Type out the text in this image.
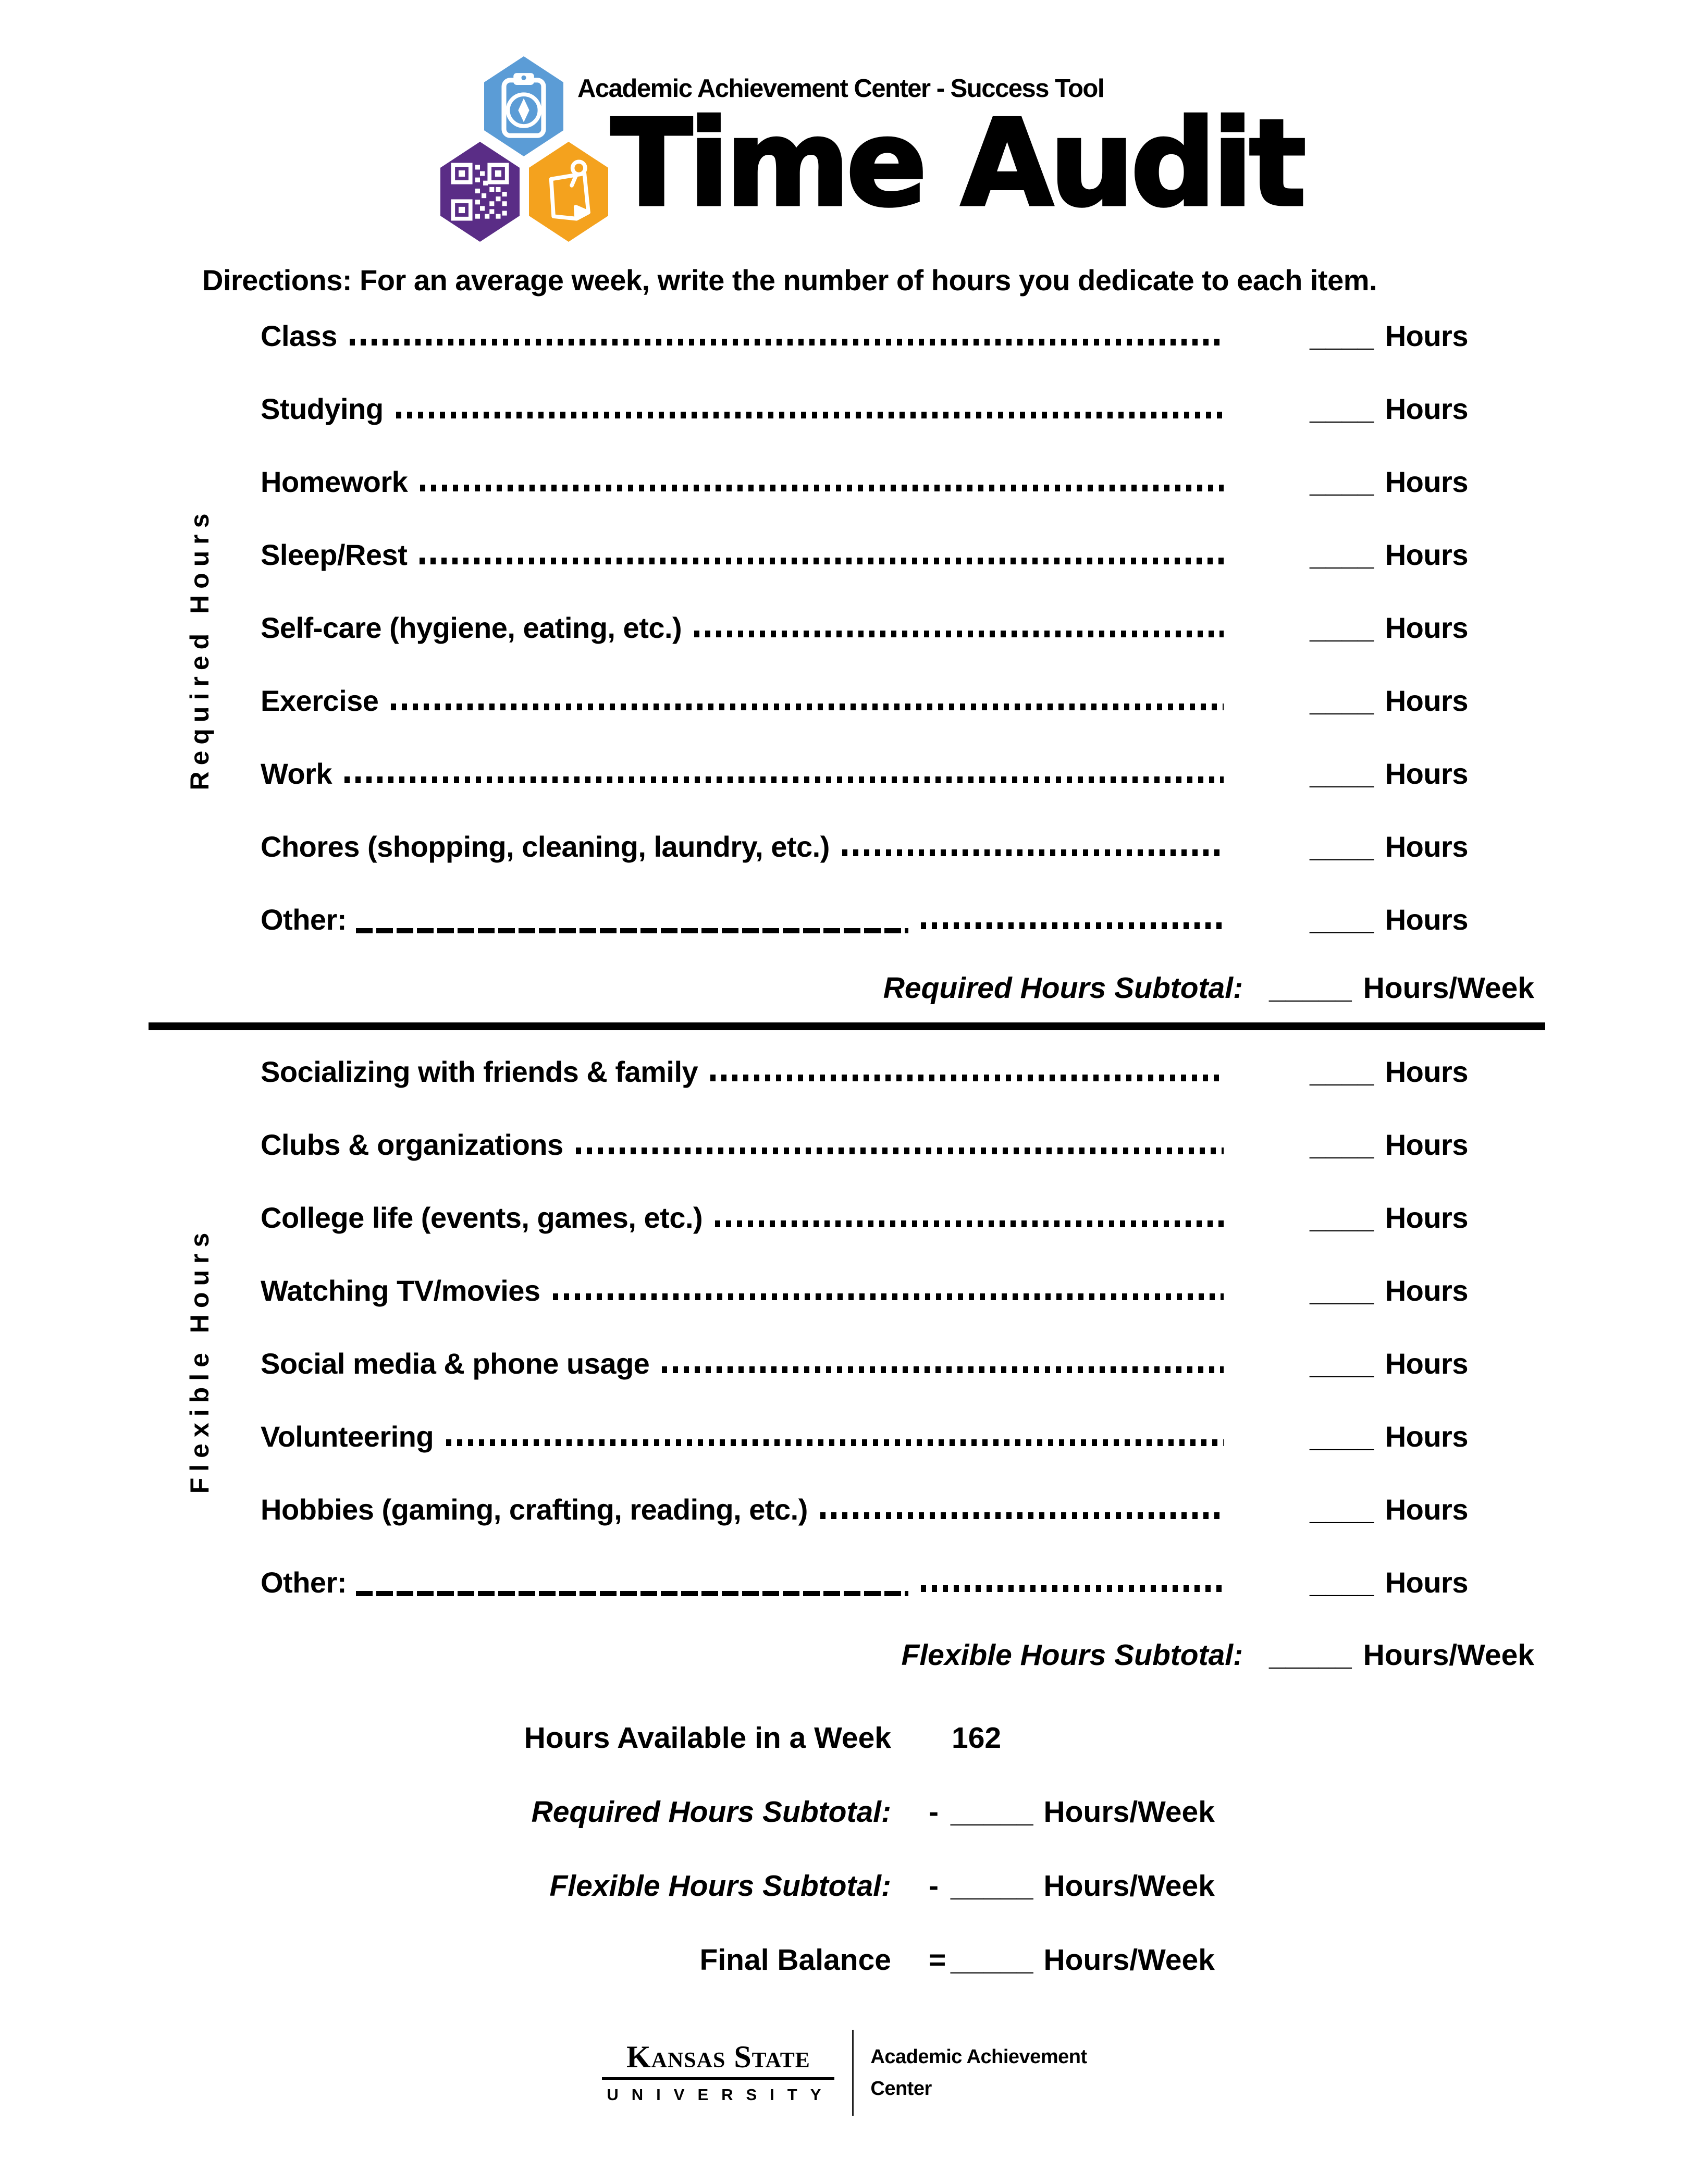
Academic Achievement Center - Success Tool
Time Audit
Directions: For an average week, write the number of hours you dedicate to each item.
Required Hours
Class	____ Hours
Studying	____ Hours
Homework	____ Hours
Sleep/Rest	____ Hours
Self-care (hygiene, eating, etc.)	____ Hours
Exercise	____ Hours
Work	____ Hours
Chores (shopping, cleaning, laundry, etc.)	____ Hours
Other:	____ Hours
Required Hours Subtotal: _____ Hours/Week
Flexible Hours
Socializing with friends & family	____ Hours
Clubs & organizations	____ Hours
College life (events, games, etc.)	____ Hours
Watching TV/movies	____ Hours
Social media & phone usage	____ Hours
Volunteering	____ Hours
Hobbies (gaming, crafting, reading, etc.)	____ Hours
Other:	____ Hours
Flexible Hours Subtotal: _____ Hours/Week
Hours Available in a Week 162
Required Hours Subtotal: - _____ Hours/Week
Flexible Hours Subtotal: - _____ Hours/Week
Final Balance = _____ Hours/Week
Kansas State
UNIVERSITY
Academic Achievement
Center
